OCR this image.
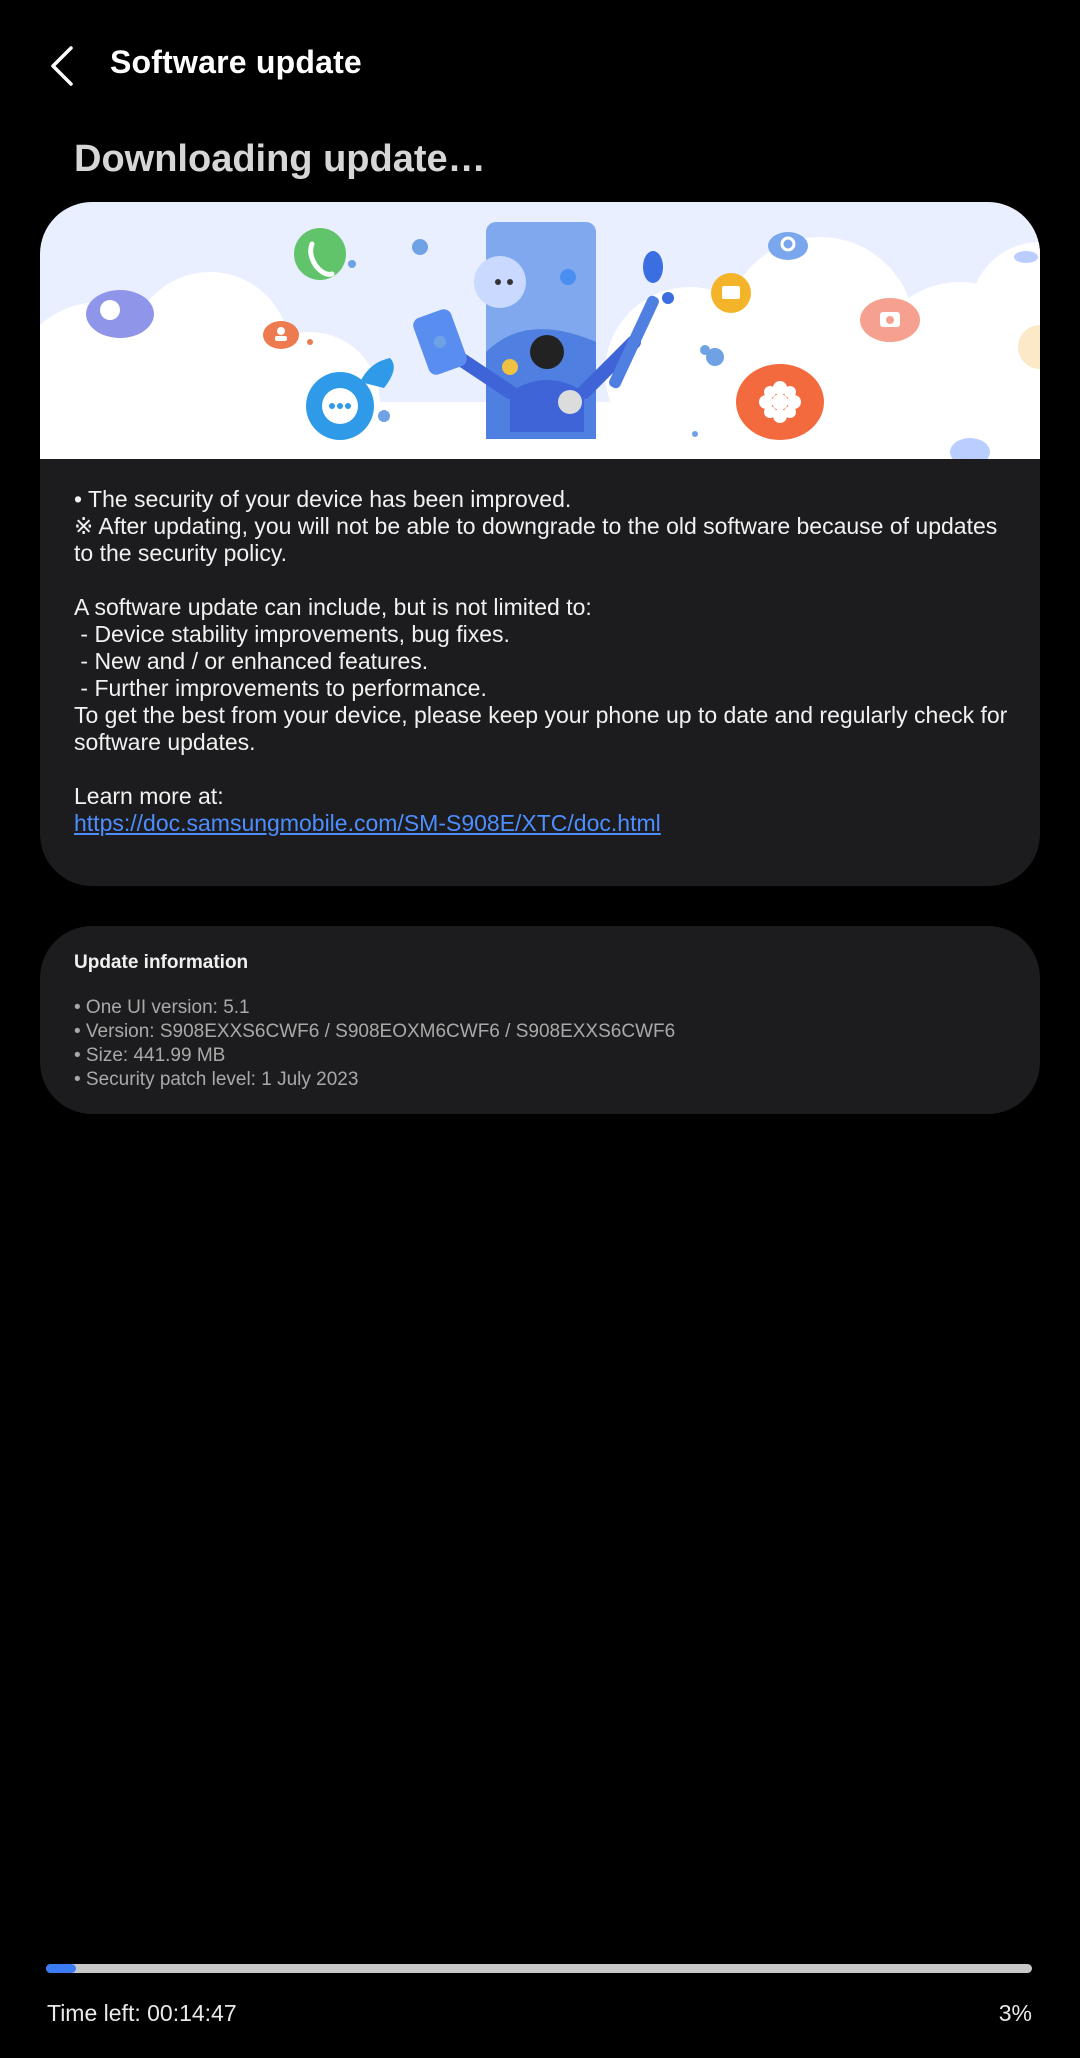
Software update
Downloading update…

• The security of your device has been improved.

※ After updating, you will not be able to downgrade to the old software because of updates to the security policy.

A software update can include, but is not limited to:

- Device stability improvements, bug fixes.

- New and / or enhanced features.

- Further improvements to performance.

To get the best from your device, please keep your phone up to date and regularly check for software updates.

Learn more at:

https://doc.samsungmobile.com/SM-S908E/XTC/doc.html

Update information
• One UI version: 5.1
• Version: S908EXXS6CWF6 / S908EOXM6CWF6 / S908EXXS6CWF6
• Size: 441.99 MB
• Security patch level: 1 July 2023
Time left: 00:14:47	3%
